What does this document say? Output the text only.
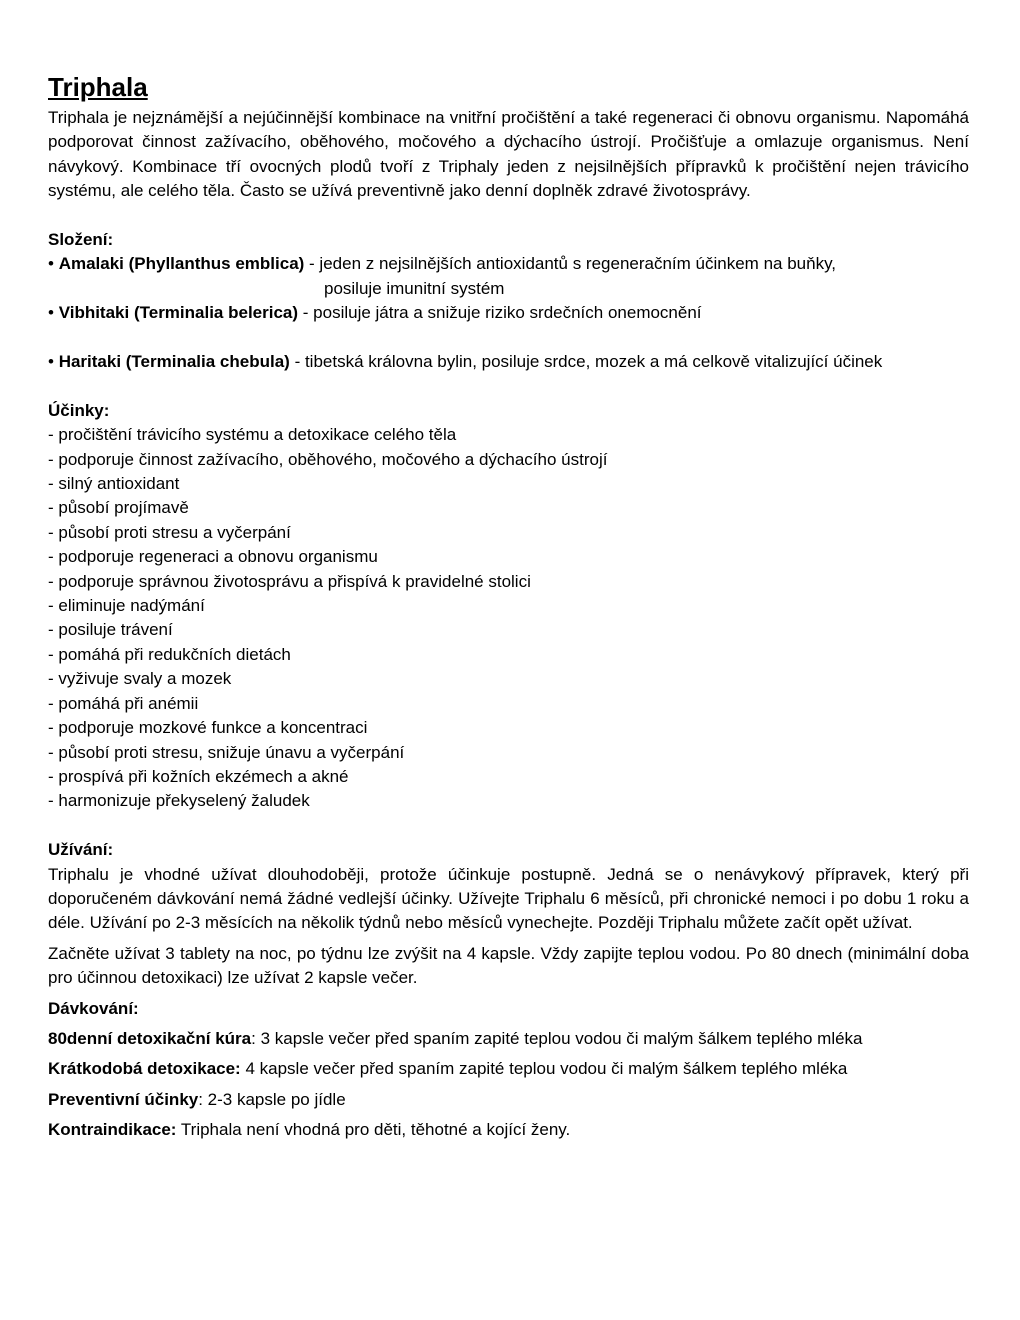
Triphala

Triphala je nejznámější a nejúčinnější kombinace na vnitřní pročištění a také regeneraci či obnovu organismu. Napomáhá podporovat činnost zažívacího, oběhového, močového a dýchacího ústrojí. Pročišťuje a omlazuje organismus. Není návykový. Kombinace tří ovocných plodů tvoří z Triphaly jeden z nejsilnějších přípravků k pročištění nejen trávicího systému, ale celého těla. Často se užívá preventivně jako denní doplněk zdravé životosprávy.

Složení:

• Amalaki (Phyllanthus emblica) - jeden z nejsilnějších antioxidantů s regeneračním účinkem na buňky,
posiluje imunitní systém

• Vibhitaki (Terminalia belerica) - posiluje játra a snižuje riziko srdečních onemocnění

• Haritaki (Terminalia chebula) - tibetská královna bylin, posiluje srdce, mozek a má celkově vitalizující účinek

Účinky:

- pročištění trávicího systému a detoxikace celého těla
- podporuje činnost zažívacího, oběhového, močového a dýchacího ústrojí
- silný antioxidant
- působí projímavě
- působí proti stresu a vyčerpání
- podporuje regeneraci a obnovu organismu
- podporuje správnou životosprávu a přispívá k pravidelné stolici
- eliminuje nadýmání
- posiluje trávení
- pomáhá při redukčních dietách
- vyživuje svaly a mozek
- pomáhá při anémii
- podporuje mozkové funkce a koncentraci
- působí proti stresu, snižuje únavu a vyčerpání
- prospívá při kožních ekzémech a akné
- harmonizuje překyselený žaludek

Užívání:

Triphalu je vhodné užívat dlouhodoběji, protože účinkuje postupně. Jedná se o nenávykový přípravek, který při doporučeném dávkování nemá žádné vedlejší účinky. Užívejte Triphalu 6 měsíců, při chronické nemoci i po dobu 1 roku a déle. Užívání po 2-3 měsících na několik týdnů nebo měsíců vynechejte. Později Triphalu můžete začít opět užívat.

Začněte užívat 3 tablety na noc, po týdnu lze zvýšit na 4 kapsle. Vždy zapijte teplou vodou. Po 80 dnech (minimální doba pro účinnou detoxikaci) lze užívat 2 kapsle večer.

Dávkování:

80denní detoxikační kúra: 3 kapsle večer před spaním zapité teplou vodou či malým šálkem teplého mléka

Krátkodobá detoxikace: 4 kapsle večer před spaním zapité teplou vodou či malým šálkem teplého mléka

Preventivní účinky: 2-3 kapsle po jídle

Kontraindikace: Triphala není vhodná pro děti, těhotné a kojící ženy.
